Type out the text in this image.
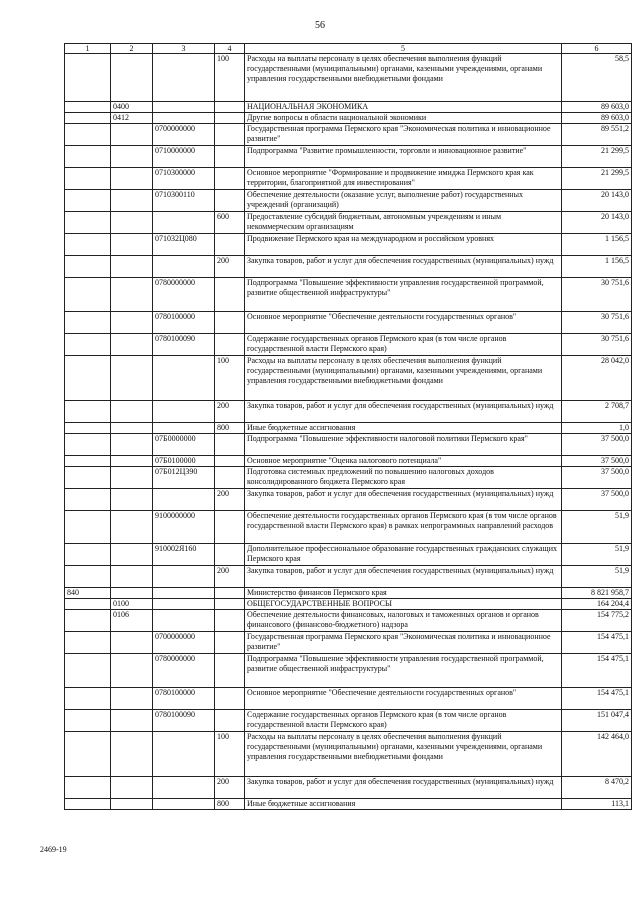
56
1	2	3	4	5	6
			100	Расходы на выплаты персоналу в целях обеспечения выполнения функций государственными (муниципальными) органами, казенными учреждениями, органами управления государственными внебюджетными фондами	58,5
	0400			НАЦИОНАЛЬНАЯ ЭКОНОМИКА	89 603,0
	0412			Другие вопросы в области национальной экономики	89 603,0
		0700000000		Государственная программа Пермского края "Экономическая политика и инновационное развитие"	89 551,2
		0710000000		Подпрограмма "Развитие промышленности, торговли и инновационное развитие"	21 299,5
		0710300000		Основное мероприятие "Формирование и продвижение имиджа Пермского края как территории, благоприятной для инвестирования"	21 299,5
		0710300110		Обеспечение деятельности (оказание услуг, выполнение работ) государственных учреждений (организаций)	20 143,0
			600	Предоставление субсидий бюджетным, автономным учреждениям и иным некоммерческим организациям	20 143,0
		071032Ц080		Продвижение Пермского края на международном и российском уровнях	1 156,5
			200	Закупка товаров, работ и услуг для обеспечения государственных (муниципальных) нужд	1 156,5
		0780000000		Подпрограмма "Повышение эффективности управления государственной программой, развитие общественной инфраструктуры"	30 751,6
		0780100000		Основное мероприятие "Обеспечение деятельности государственных органов"	30 751,6
		0780100090		Содержание государственных органов Пермского края (в том числе органов государственной власти Пермского края)	30 751,6
			100	Расходы на выплаты персоналу в целях обеспечения выполнения функций государственными (муниципальными) органами, казенными учреждениями, органами управления государственными внебюджетными фондами	28 042,0
			200	Закупка товаров, работ и услуг для обеспечения государственных (муниципальных) нужд	2 708,7
			800	Иные бюджетные ассигнования	1,0
		07Б0000000		Подпрограмма "Повышение эффективности налоговой политики Пермского края"	37 500,0
		07Б0100000		Основное мероприятие "Оценка налогового потенциала"	37 500,0
		07Б012Ц390		Подготовка системных предложений по повышению налоговых доходов консолидированного бюджета Пермского края	37 500,0
			200	Закупка товаров, работ и услуг для обеспечения государственных (муниципальных) нужд	37 500,0
		9100000000		Обеспечение деятельности государственных органов Пермского края (в том числе органов государственной власти Пермского края) в рамках непрограммных направлений расходов	51,9
		910002Я160		Дополнительное профессиональное образование государственных гражданских служащих Пермского края	51,9
			200	Закупка товаров, работ и услуг для обеспечения государственных (муниципальных) нужд	51,9
840				Министерство финансов Пермского края	8 821 958,7
	0100			ОБЩЕГОСУДАРСТВЕННЫЕ ВОПРОСЫ	164 204,4
	0106			Обеспечение деятельности финансовых, налоговых и таможенных органов и органов финансового (финансово-бюджетного) надзора	154 775,2
		0700000000		Государственная программа Пермского края "Экономическая политика и инновационное развитие"	154 475,1
		0780000000		Подпрограмма "Повышение эффективности управления государственной программой, развитие общественной инфраструктуры"	154 475,1
		0780100000		Основное мероприятие "Обеспечение деятельности государственных органов"	154 475,1
		0780100090		Содержание государственных органов Пермского края (в том числе органов государственной власти Пермского края)	151 047,4
			100	Расходы на выплаты персоналу в целях обеспечения выполнения функций государственными (муниципальными) органами, казенными учреждениями, органами управления государственными внебюджетными фондами	142 464,0
			200	Закупка товаров, работ и услуг для обеспечения государственных (муниципальных) нужд	8 470,2
			800	Иные бюджетные ассигнования	113,1
2469-19
